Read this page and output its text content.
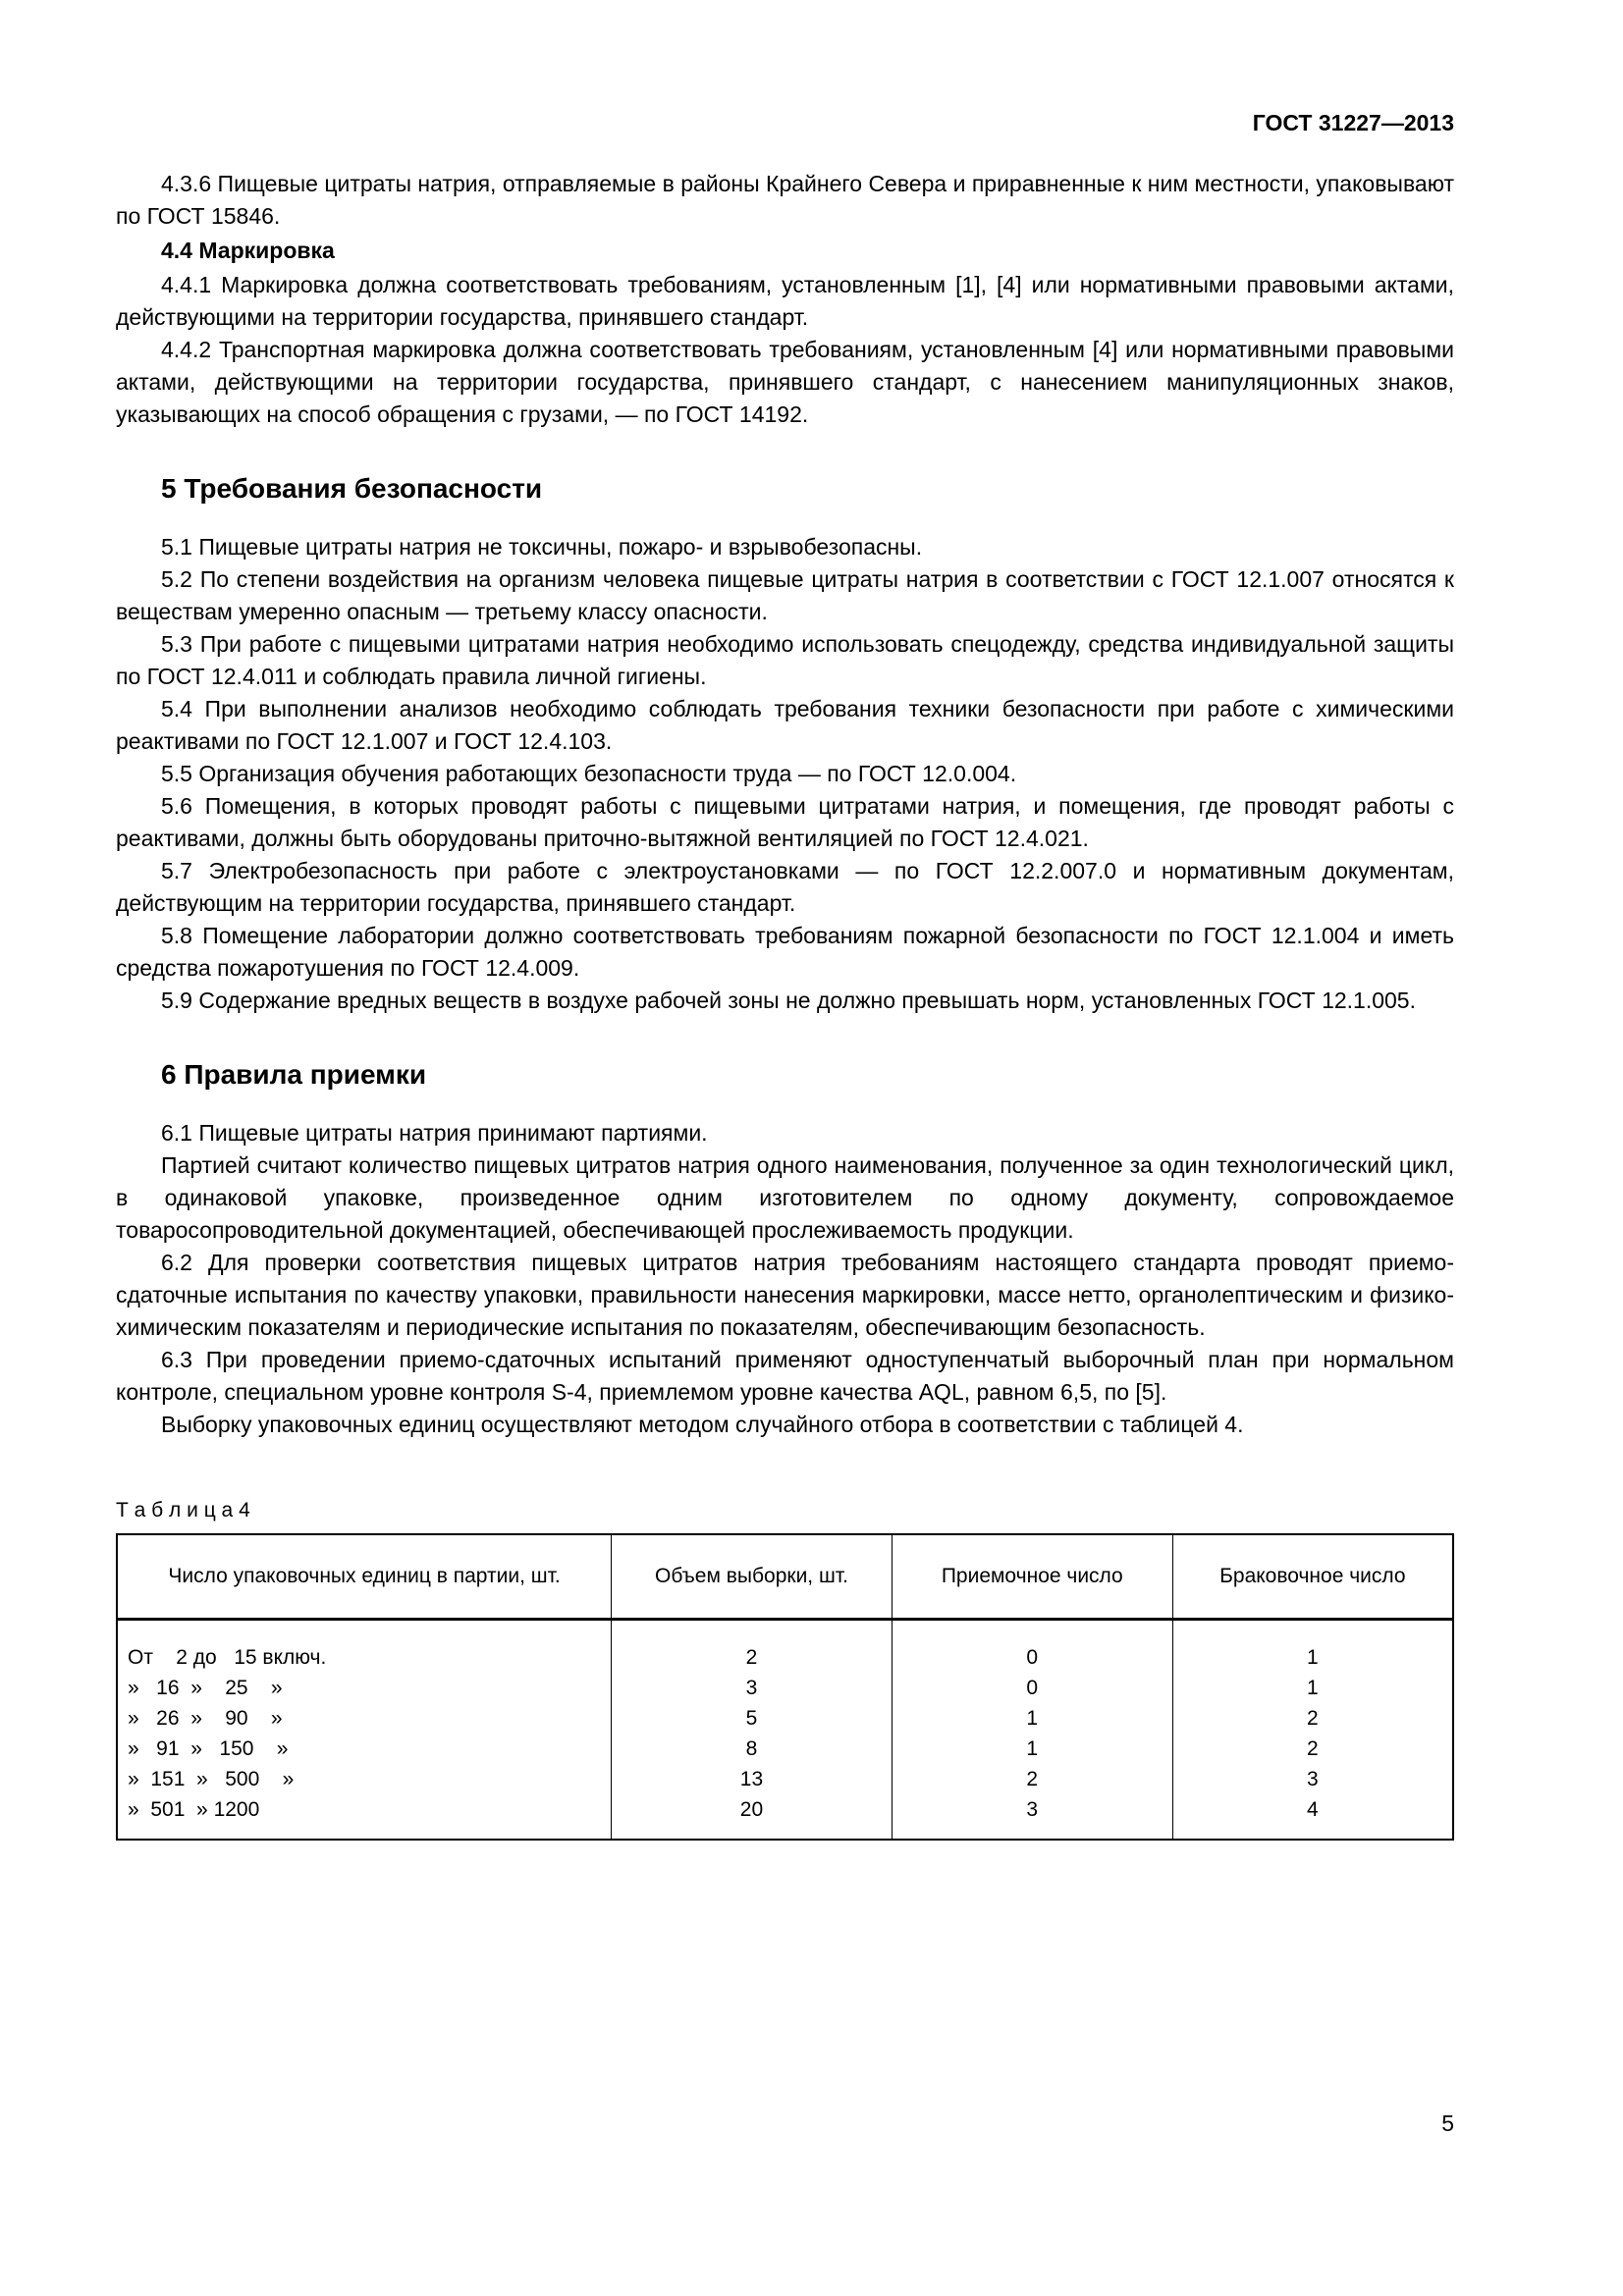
ГОСТ 31227—2013

4.3.6 Пищевые цитраты натрия, отправляемые в районы Крайнего Севера и приравненные к ним местности, упаковывают по ГОСТ 15846.

4.4 Маркировка

4.4.1 Маркировка должна соответствовать требованиям, установленным [1], [4] или нормативными правовыми актами, действующими на территории государства, принявшего стандарт.

4.4.2 Транспортная маркировка должна соответствовать требованиям, установленным [4] или нормативными правовыми актами, действующими на территории государства, принявшего стандарт, с нанесением манипуляционных знаков, указывающих на способ обращения с грузами, — по ГОСТ 14192.

5 Требования безопасности

5.1 Пищевые цитраты натрия не токсичны, пожаро- и взрывобезопасны.

5.2 По степени воздействия на организм человека пищевые цитраты натрия в соответствии с ГОСТ 12.1.007 относятся к веществам умеренно опасным — третьему классу опасности.

5.3 При работе с пищевыми цитратами натрия необходимо использовать спецодежду, средства индивидуальной защиты по ГОСТ 12.4.011 и соблюдать правила личной гигиены.

5.4 При выполнении анализов необходимо соблюдать требования техники безопасности при работе с химическими реактивами по ГОСТ 12.1.007 и ГОСТ 12.4.103.

5.5 Организация обучения работающих безопасности труда — по ГОСТ 12.0.004.

5.6 Помещения, в которых проводят работы с пищевыми цитратами натрия, и помещения, где проводят работы с реактивами, должны быть оборудованы приточно-вытяжной вентиляцией по ГОСТ 12.4.021.

5.7 Электробезопасность при работе с электроустановками — по ГОСТ 12.2.007.0 и нормативным документам, действующим на территории государства, принявшего стандарт.

5.8 Помещение лаборатории должно соответствовать требованиям пожарной безопасности по ГОСТ 12.1.004 и иметь средства пожаротушения по ГОСТ 12.4.009.

5.9 Содержание вредных веществ в воздухе рабочей зоны не должно превышать норм, установленных ГОСТ 12.1.005.

6 Правила приемки

6.1 Пищевые цитраты натрия принимают партиями.

Партией считают количество пищевых цитратов натрия одного наименования, полученное за один технологический цикл, в одинаковой упаковке, произведенное одним изготовителем по одному документу, сопровождаемое товаросопроводительной документацией, обеспечивающей прослеживаемость продукции.

6.2 Для проверки соответствия пищевых цитратов натрия требованиям настоящего стандарта проводят приемо-сдаточные испытания по качеству упаковки, правильности нанесения маркировки, массе нетто, органолептическим и физико-химическим показателям и периодические испытания по показателям, обеспечивающим безопасность.

6.3 При проведении приемо-сдаточных испытаний применяют одноступенчатый выборочный план при нормальном контроле, специальном уровне контроля S-4, приемлемом уровне качества AQL, равном 6,5, по [5].

Выборку упаковочных единиц осуществляют методом случайного отбора в соответствии с таблицей 4.

Т а б л и ц а 4
Число упаковочных единиц в партии, шт.	Объем выборки, шт.	Приемочное число	Браковочное число
От    2 до   15 включ.	2	0	1
»   16  »    25    »	3	0	1
»   26  »    90    »	5	1	2
»   91  »   150    »	8	1	2
»  151  »   500    »	13	2	3
»  501  » 1200	20	3	4
5
